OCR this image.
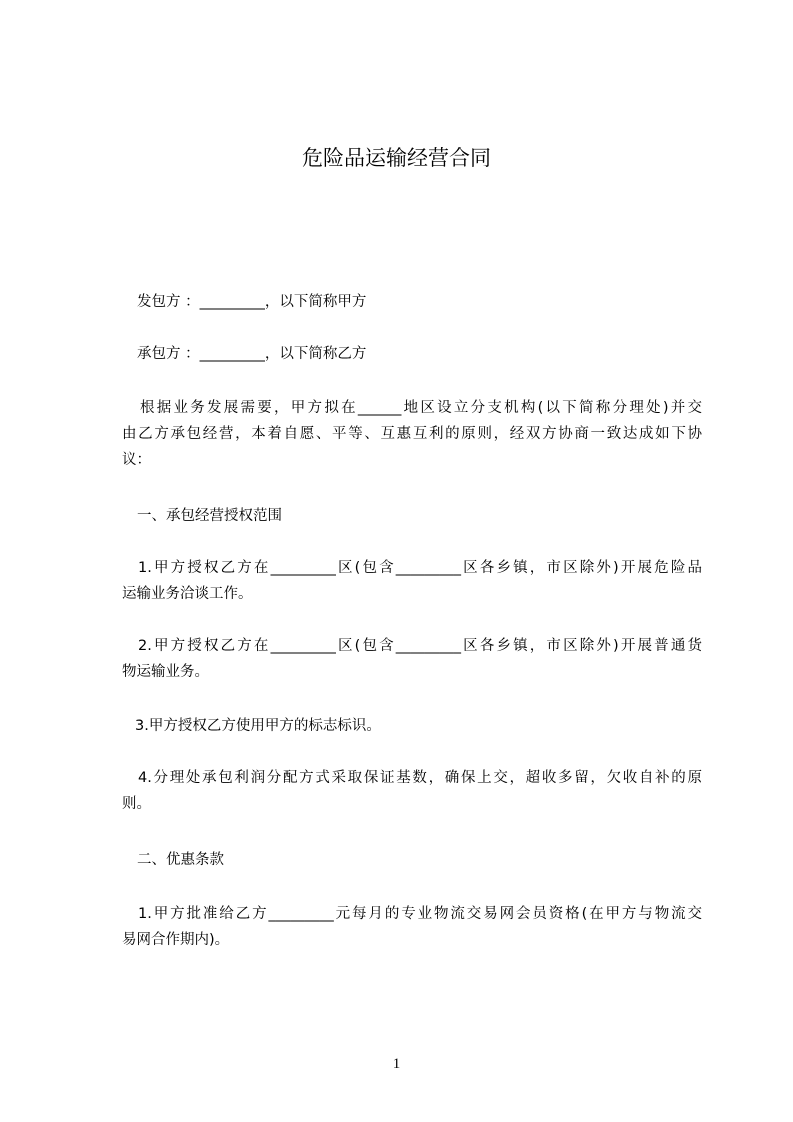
危险品运输经营合同
发包方 ：_________，以下简称甲方
承包方 ：_________，以下简称乙方
根据业务发展需要，甲方拟在______地区设立分支机构(以下简称分理处)并交
由乙方承包经营，本着自愿、平等、互惠互利的原则，经双方协商一致达成如下协
议：
一、承包经营授权范围
1.甲方授权乙方在_________区(包含_________区各乡镇，市区除外)开展危险品
运输业务洽谈工作。
2.甲方授权乙方在_________区(包含_________区各乡镇，市区除外)开展普通货
物运输业务。
3.甲方授权乙方使用甲方的标志标识。
4.分理处承包利润分配方式采取保证基数，确保上交，超收多留，欠收自补的原
则。
二、优惠条款
1.甲方批准给乙方_________元每月的专业物流交易网会员资格(在甲方与物流交
易网合作期内)。
1
